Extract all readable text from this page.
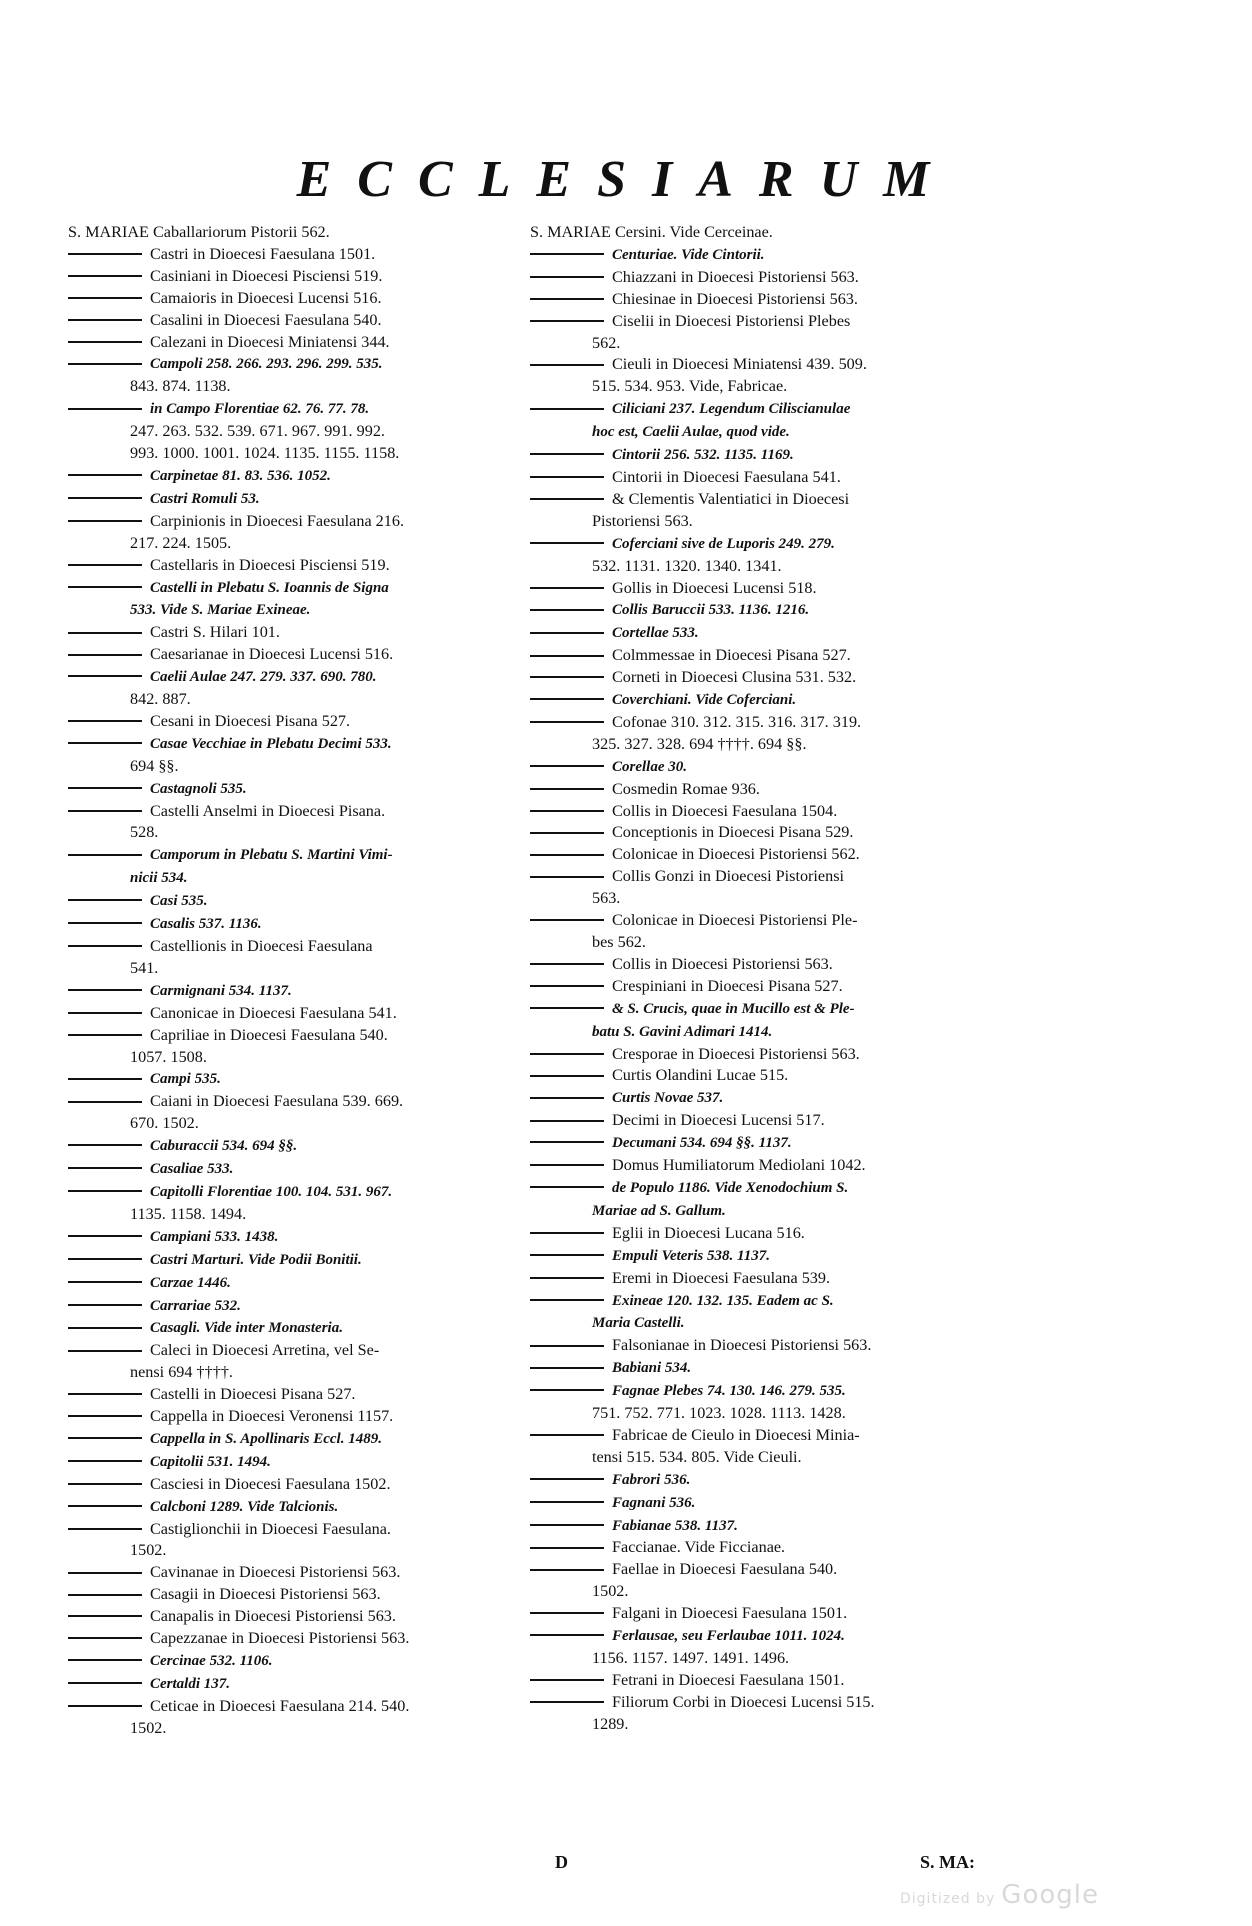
ECCLESIARUM
S. MARIAE Caballariorum Pistorii 562.
Castri in Dioecesi Faesulana 1501.
Casiniani in Dioecesi Pisciensi 519.
Camaioris in Dioecesi Lucensi 516.
Casalini in Dioecesi Faesulana 540.
Calezani in Dioecesi Miniatensi 344.
Campoli 258. 266. 293. 296. 299. 535.
843. 874. 1138.
in Campo Florentiae 62. 76. 77. 78.
247. 263. 532. 539. 671. 967. 991. 992.
993. 1000. 1001. 1024. 1135. 1155. 1158.
Carpinetae 81. 83. 536. 1052.
Castri Romuli 53.
Carpinionis in Dioecesi Faesulana 216.
217. 224. 1505.
Castellaris in Dioecesi Pisciensi 519.
Castelli in Plebatu S. Ioannis de Signa
533. Vide S. Mariae Exineae.
Castri S. Hilari 101.
Caesarianae in Dioecesi Lucensi 516.
Caelii Aulae 247. 279. 337. 690. 780.
842. 887.
Cesani in Dioecesi Pisana 527.
Casae Vecchiae in Plebatu Decimi 533.
694 §§.
Castagnoli 535.
Castelli Anselmi in Dioecesi Pisana.
528.
Camporum in Plebatu S. Martini Vimi-
nicii 534.
Casi 535.
Casalis 537. 1136.
Castellionis in Dioecesi Faesulana
541.
Carmignani 534. 1137.
Canonicae in Dioecesi Faesulana 541.
Capriliae in Dioecesi Faesulana 540.
1057. 1508.
Campi 535.
Caiani in Dioecesi Faesulana 539. 669.
670. 1502.
Caburaccii 534. 694 §§.
Casaliae 533.
Capitolli Florentiae 100. 104. 531. 967.
1135. 1158. 1494.
Campiani 533. 1438.
Castri Marturi. Vide Podii Bonitii.
Carzae 1446.
Carrariae 532.
Casagli. Vide inter Monasteria.
Caleci in Dioecesi Arretina, vel Se-
nensi 694 ††††.
Castelli in Dioecesi Pisana 527.
Cappella in Dioecesi Veronensi 1157.
Cappella in S. Apollinaris Eccl. 1489.
Capitolii 531. 1494.
Casciesi in Dioecesi Faesulana 1502.
Calcboni 1289. Vide Talcionis.
Castiglionchii in Dioecesi Faesulana.
1502.
Cavinanae in Dioecesi Pistoriensi 563.
Casagii in Dioecesi Pistoriensi 563.
Canapalis in Dioecesi Pistoriensi 563.
Capezzanae in Dioecesi Pistoriensi 563.
Cercinae 532. 1106.
Certaldi 137.
Ceticae in Dioecesi Faesulana 214. 540.
1502.
S. MARIAE Cersini. Vide Cerceinae.
Centuriae. Vide Cintorii.
Chiazzani in Dioecesi Pistoriensi 563.
Chiesinae in Dioecesi Pistoriensi 563.
Ciselii in Dioecesi Pistoriensi Plebes
562.
Cieuli in Dioecesi Miniatensi 439. 509.
515. 534. 953. Vide, Fabricae.
Ciliciani 237. Legendum Ciliscianulae
hoc est, Caelii Aulae, quod vide.
Cintorii 256. 532. 1135. 1169.
Cintorii in Dioecesi Faesulana 541.
& Clementis Valentiatici in Dioecesi
Pistoriensi 563.
Coferciani sive de Luporis 249. 279.
532. 1131. 1320. 1340. 1341.
Gollis in Dioecesi Lucensi 518.
Collis Baruccii 533. 1136. 1216.
Cortellae 533.
Colmmessae in Dioecesi Pisana 527.
Corneti in Dioecesi Clusina 531. 532.
Coverchiani. Vide Coferciani.
Cofonae 310. 312. 315. 316. 317. 319.
325. 327. 328. 694 ††††. 694 §§.
Corellae 30.
Cosmedin Romae 936.
Collis in Dioecesi Faesulana 1504.
Conceptionis in Dioecesi Pisana 529.
Colonicae in Dioecesi Pistoriensi 562.
Collis Gonzi in Dioecesi Pistoriensi
563.
Colonicae in Dioecesi Pistoriensi Ple-
bes 562.
Collis in Dioecesi Pistoriensi 563.
Crespiniani in Dioecesi Pisana 527.
& S. Crucis, quae in Mucillo est & Ple-
batu S. Gavini Adimari 1414.
Cresporae in Dioecesi Pistoriensi 563.
Curtis Olandini Lucae 515.
Curtis Novae 537.
Decimi in Dioecesi Lucensi 517.
Decumani 534. 694 §§. 1137.
Domus Humiliatorum Mediolani 1042.
de Populo 1186. Vide Xenodochium S.
Mariae ad S. Gallum.
Eglii in Dioecesi Lucana 516.
Empuli Veteris 538. 1137.
Eremi in Dioecesi Faesulana 539.
Exineae 120. 132. 135. Eadem ac S.
Maria Castelli.
Falsonianae in Dioecesi Pistoriensi 563.
Babiani 534.
Fagnae Plebes 74. 130. 146. 279. 535.
751. 752. 771. 1023. 1028. 1113. 1428.
Fabricae de Cieulo in Dioecesi Minia-
tensi 515. 534. 805. Vide Cieuli.
Fabrori 536.
Fagnani 536.
Fabianae 538. 1137.
Faccianae. Vide Ficcianae.
Faellae in Dioecesi Faesulana 540.
1502.
Falgani in Dioecesi Faesulana 1501.
Ferlausae, seu Ferlaubae 1011. 1024.
1156. 1157. 1497. 1491. 1496.
Fetrani in Dioecesi Faesulana 1501.
Filiorum Corbi in Dioecesi Lucensi 515.
1289.
D	S. MA:
Digitized by Google
